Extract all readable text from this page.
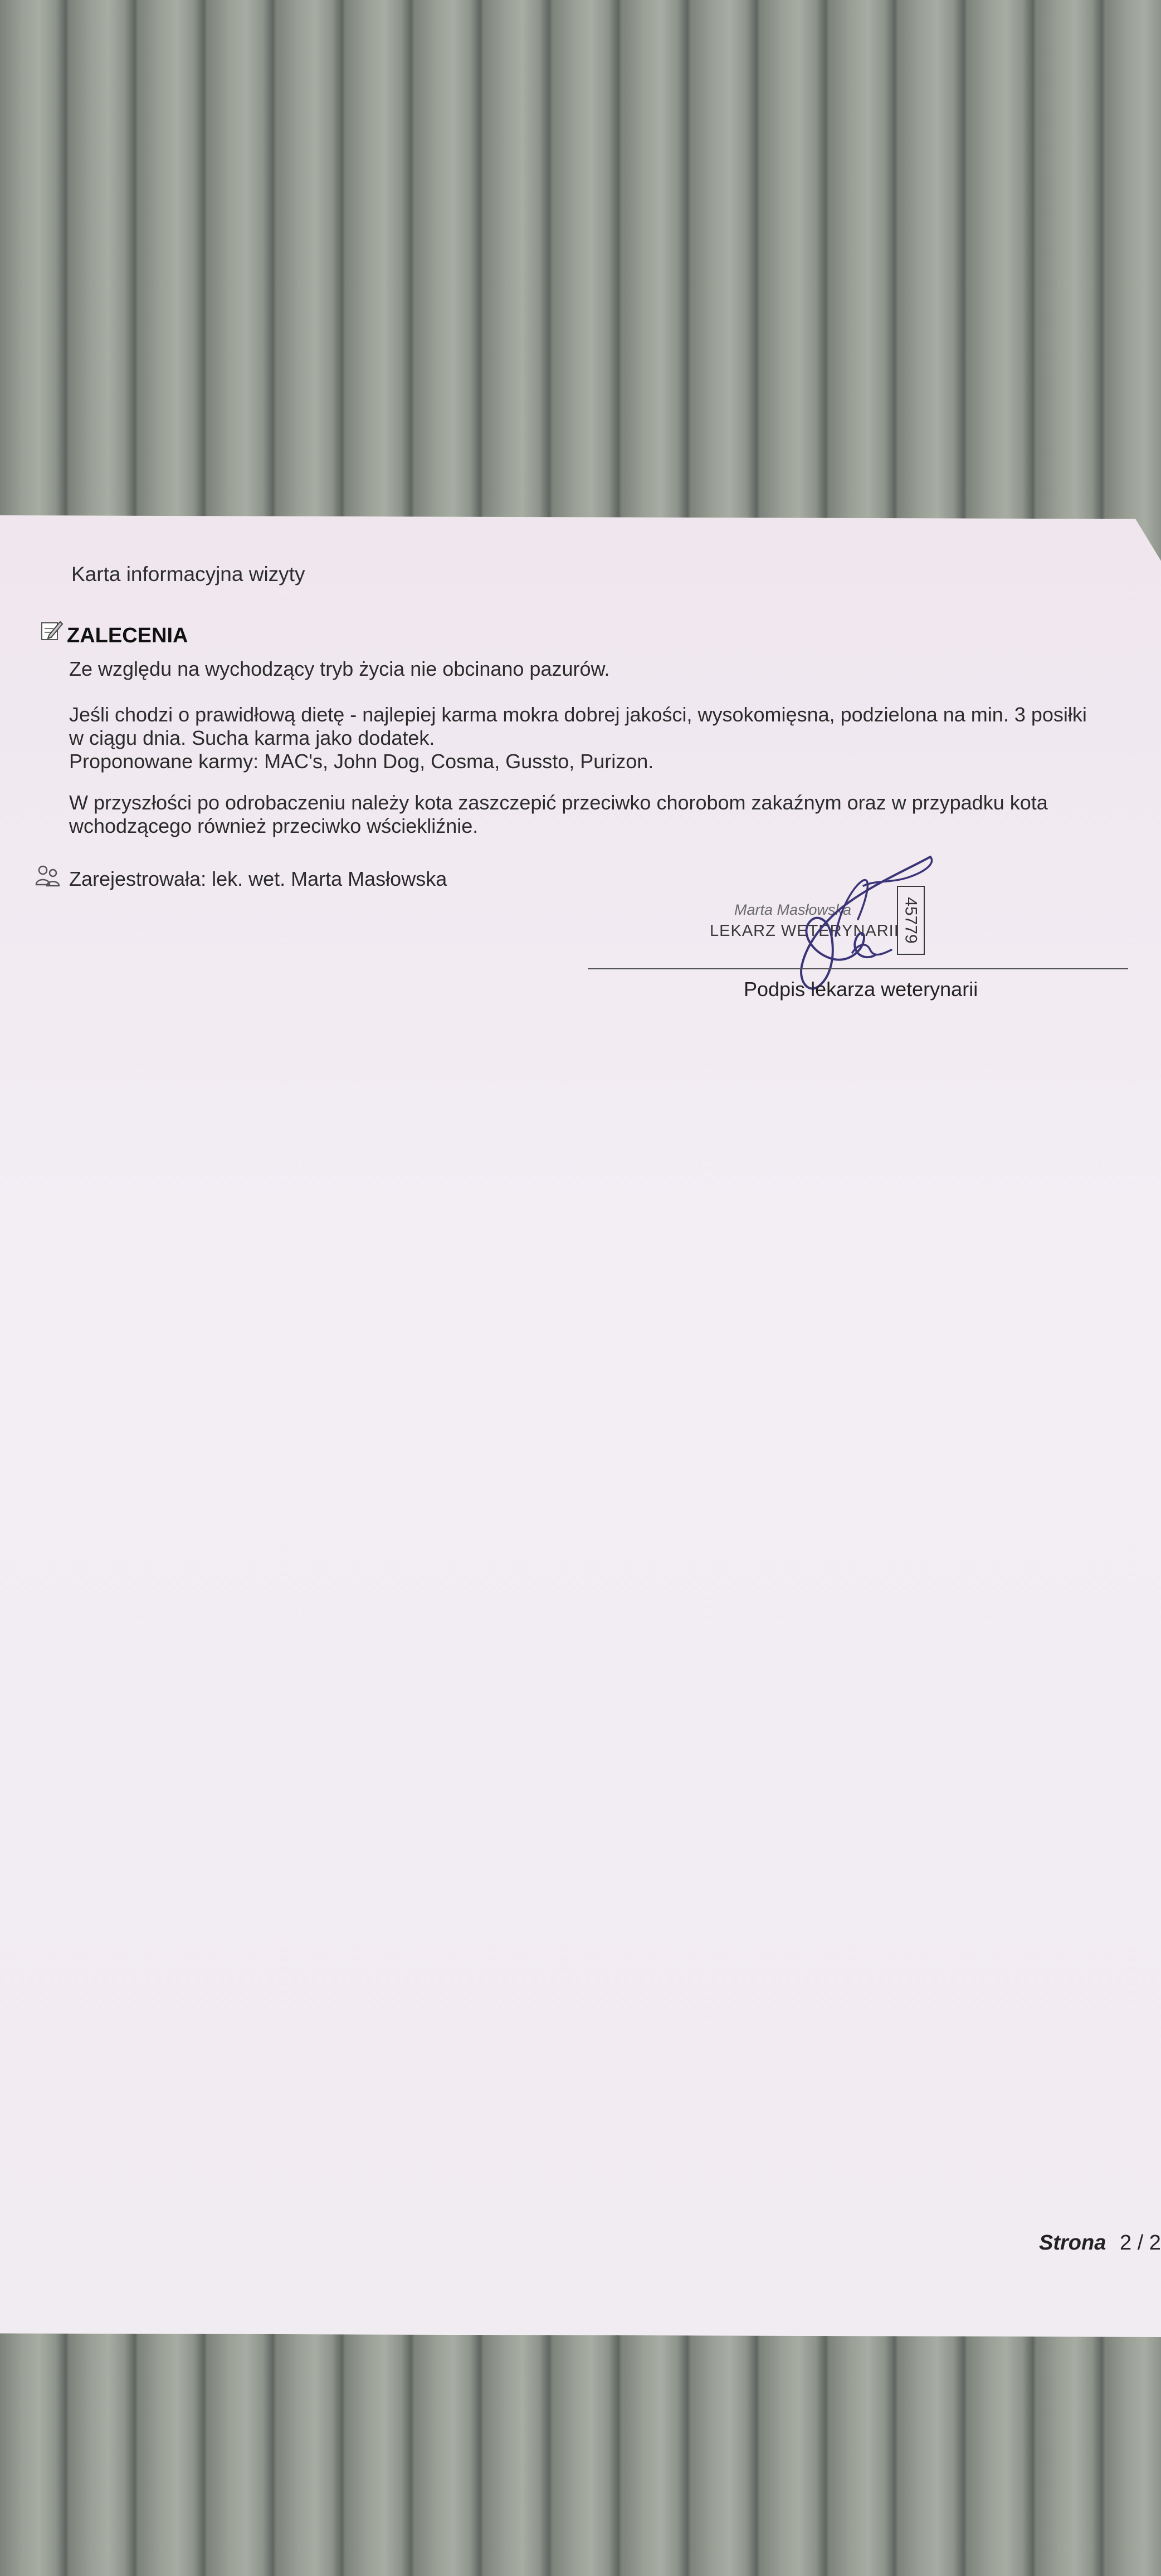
Karta informacyjna wizyty
ZALECENIA
Ze względu na wychodzący tryb życia nie obcinano pazurów.
Jeśli chodzi o prawidłową dietę - najlepiej karma mokra dobrej jakości, wysokomięsna, podzielona na min. 3 posiłki
w ciągu dnia. Sucha karma jako dodatek.
Proponowane karmy: MAC's, John Dog, Cosma, Gussto, Purizon.
W przyszłości po odrobaczeniu należy kota zaszczepić przeciwko chorobom zakaźnym oraz w przypadku kota
wchodzącego również przeciwko wściekliźnie.
Zarejestrowała: lek. wet. Marta Masłowska
Marta Masłowska
LEKARZ WETERYNARII 45779
Podpis lekarza weterynarii
Strona 2 / 2
